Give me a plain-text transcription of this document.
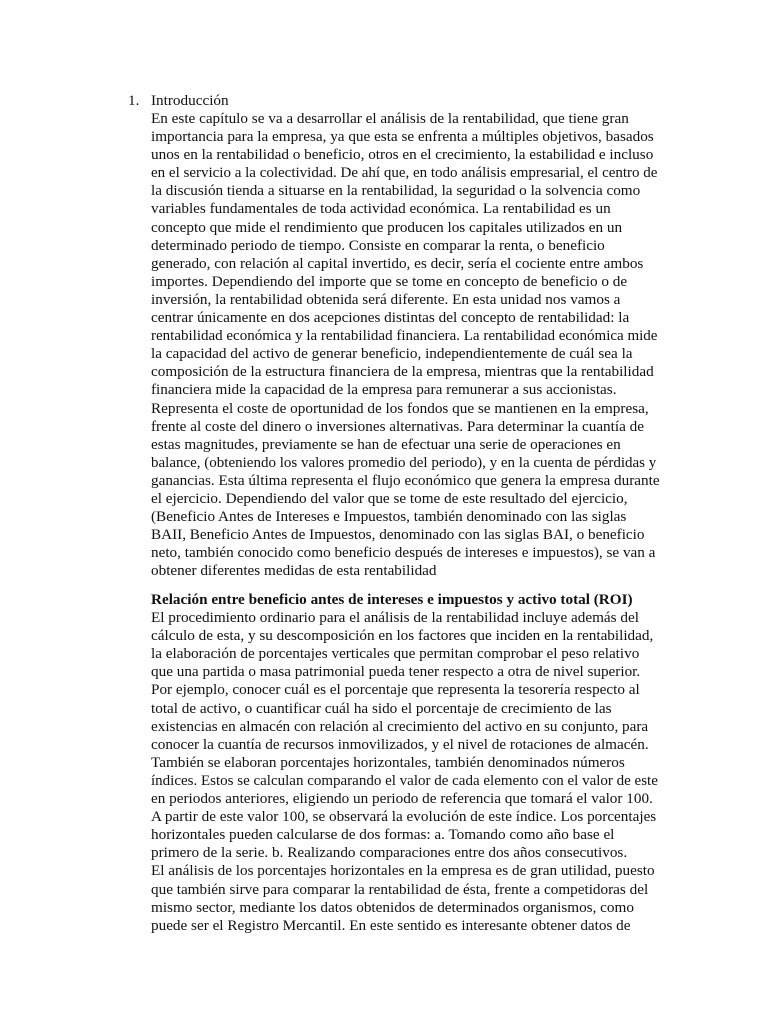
1. Introducción
En este capítulo se va a desarrollar el análisis de la rentabilidad, que tiene gran
importancia para la empresa, ya que esta se enfrenta a múltiples objetivos, basados
unos en la rentabilidad o beneficio, otros en el crecimiento, la estabilidad e incluso
en el servicio a la colectividad. De ahí que, en todo análisis empresarial, el centro de
la discusión tienda a situarse en la rentabilidad, la seguridad o la solvencia como
variables fundamentales de toda actividad económica. La rentabilidad es un
concepto que mide el rendimiento que producen los capitales utilizados en un
determinado periodo de tiempo. Consiste en comparar la renta, o beneficio
generado, con relación al capital invertido, es decir, sería el cociente entre ambos
importes. Dependiendo del importe que se tome en concepto de beneficio o de
inversión, la rentabilidad obtenida será diferente. En esta unidad nos vamos a
centrar únicamente en dos acepciones distintas del concepto de rentabilidad: la
rentabilidad económica y la rentabilidad financiera. La rentabilidad económica mide
la capacidad del activo de generar beneficio, independientemente de cuál sea la
composición de la estructura financiera de la empresa, mientras que la rentabilidad
financiera mide la capacidad de la empresa para remunerar a sus accionistas.
Representa el coste de oportunidad de los fondos que se mantienen en la empresa,
frente al coste del dinero o inversiones alternativas. Para determinar la cuantía de
estas magnitudes, previamente se han de efectuar una serie de operaciones en
balance, (obteniendo los valores promedio del periodo), y en la cuenta de pérdidas y
ganancias. Esta última representa el flujo económico que genera la empresa durante
el ejercicio. Dependiendo del valor que se tome de este resultado del ejercicio,
(Beneficio Antes de Intereses e Impuestos, también denominado con las siglas
BAII, Beneficio Antes de Impuestos, denominado con las siglas BAI, o beneficio
neto, también conocido como beneficio después de intereses e impuestos), se van a
obtener diferentes medidas de esta rentabilidad
Relación entre beneficio antes de intereses e impuestos y activo total (ROI)
El procedimiento ordinario para el análisis de la rentabilidad incluye además del
cálculo de esta, y su descomposición en los factores que inciden en la rentabilidad,
la elaboración de porcentajes verticales que permitan comprobar el peso relativo
que una partida o masa patrimonial pueda tener respecto a otra de nivel superior.
Por ejemplo, conocer cuál es el porcentaje que representa la tesorería respecto al
total de activo, o cuantificar cuál ha sido el porcentaje de crecimiento de las
existencias en almacén con relación al crecimiento del activo en su conjunto, para
conocer la cuantía de recursos inmovilizados, y el nivel de rotaciones de almacén.
También se elaboran porcentajes horizontales, también denominados números
índices. Estos se calculan comparando el valor de cada elemento con el valor de este
en periodos anteriores, eligiendo un periodo de referencia que tomará el valor 100.
A partir de este valor 100, se observará la evolución de este índice. Los porcentajes
horizontales pueden calcularse de dos formas: a. Tomando como año base el
primero de la serie. b. Realizando comparaciones entre dos años consecutivos.
El análisis de los porcentajes horizontales en la empresa es de gran utilidad, puesto
que también sirve para comparar la rentabilidad de ésta, frente a competidoras del
mismo sector, mediante los datos obtenidos de determinados organismos, como
puede ser el Registro Mercantil. En este sentido es interesante obtener datos de
